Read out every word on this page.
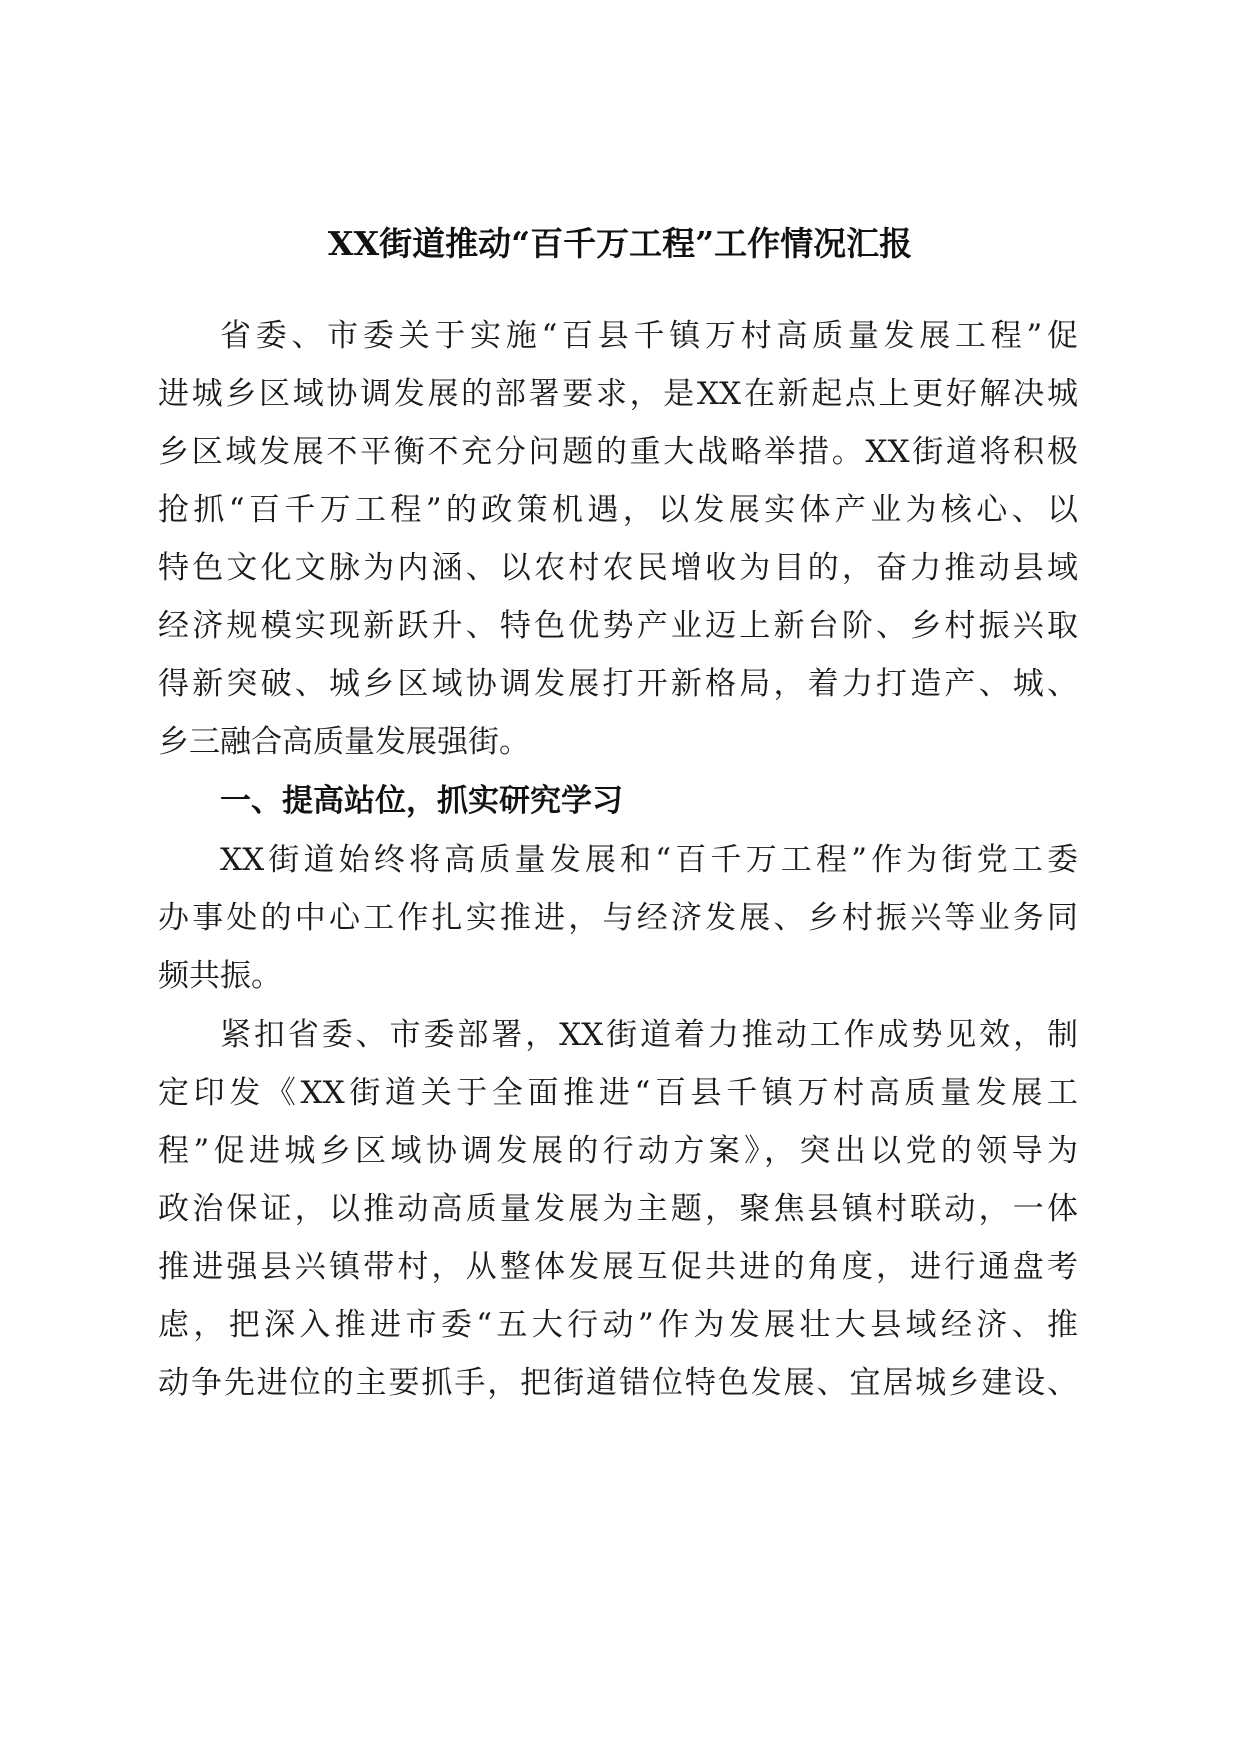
XX街道推动“百千万工程”工作情况汇报

省委、市委关于实施“百县千镇万村高质量发展工程”促

进城乡区域协调发展的部署要求，是XX在新起点上更好解决城

乡区域发展不平衡不充分问题的重大战略举措。XX街道将积极

抢抓“百千万工程”的政策机遇，以发展实体产业为核心、以

特色文化文脉为内涵、以农村农民增收为目的，奋力推动县域

经济规模实现新跃升、特色优势产业迈上新台阶、乡村振兴取

得新突破、城乡区域协调发展打开新格局，着力打造产、城、

乡三融合高质量发展强街。

一、提高站位，抓实研究学习

XX街道始终将高质量发展和“百千万工程”作为街党工委

办事处的中心工作扎实推进，与经济发展、乡村振兴等业务同

频共振。

紧扣省委、市委部署，XX街道着力推动工作成势见效，制

定印发《XX街道关于全面推进“百县千镇万村高质量发展工

程”促进城乡区域协调发展的行动方案》，突出以党的领导为

政治保证，以推动高质量发展为主题，聚焦县镇村联动，一体

推进强县兴镇带村，从整体发展互促共进的角度，进行通盘考

虑，把深入推进市委“五大行动”作为发展壮大县域经济、推

动争先进位的主要抓手，把街道错位特色发展、宜居城乡建设、
